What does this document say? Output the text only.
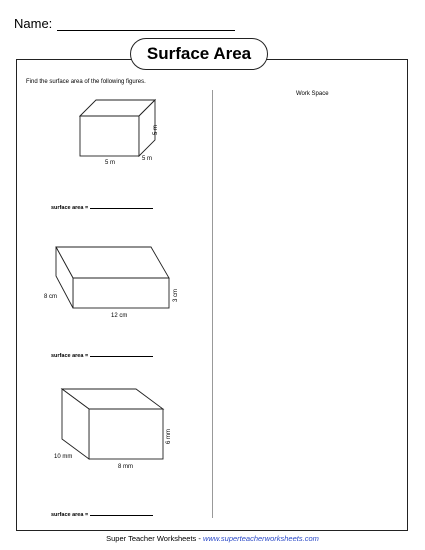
Name:
Surface Area
Find the surface area of the following figures.
Work Space
5 m
5 m
5 m
8 cm
12 cm
3 cm
10 mm
8 mm
6 mm
surface area =
surface area =
surface area =
Super Teacher Worksheets - www.superteacherworksheets.com
